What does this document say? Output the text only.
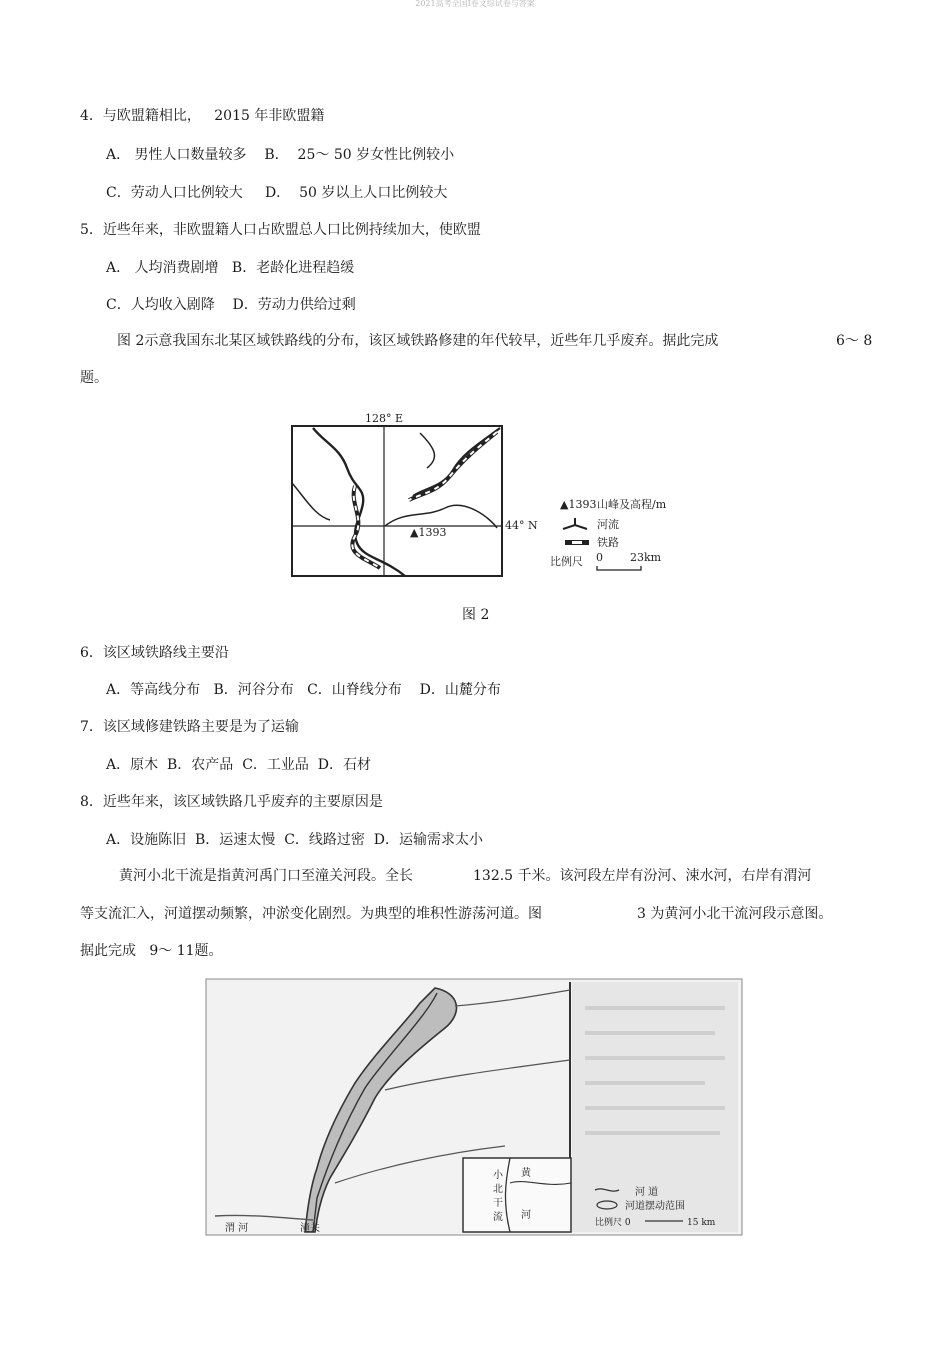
2021高考全国Ⅰ卷文综试卷与答案
4．与欧盟籍相比，   2015 年非欧盟籍
A． 男性人口数量较多    B．  25～ 50 岁女性比例较小
C．劳动人口比例较大     D．  50 岁以上人口比例较大
5．近些年来，非欧盟籍人口占欧盟总人口比例持续加大，使欧盟
A． 人均消费剧增   B．老龄化进程趋缓
C．人均收入剧降    D．劳动力供给过剩
图 2示意我国东北某区域铁路线的分布，该区域铁路修建的年代较早，近些年几乎废弃。据此完成	6～ 8
题。
128° E
44° N
▲1393
▲1393 山峰及高程/m
河流
铁路
比例尺 0 23km
图 2
6．该区域铁路线主要沿
A．等高线分布   B．河谷分布   C．山脊线分布    D．山麓分布
7．该区域修建铁路主要是为了运输
A．原木  B．农产品  C．工业品  D．石材
8．近些年来，该区域铁路几乎废弃的主要原因是
A．设施陈旧  B．运速太慢  C．线路过密  D．运输需求太小
黄河小北干流是指黄河禹门口至潼关河段。全长	132.5 千米。该河段左岸有汾河、涑水河，右岸有渭河
等支流汇入，河道摆动频繁，冲淤变化剧烈。为典型的堆积性游荡河道。图	3 为黄河小北干流河段示意图。
据此完成   9～ 11题。
小
北
干
流
黄
河
潼关
渭 河
河 道
河道摆动范围
比例尺 0	15 km
